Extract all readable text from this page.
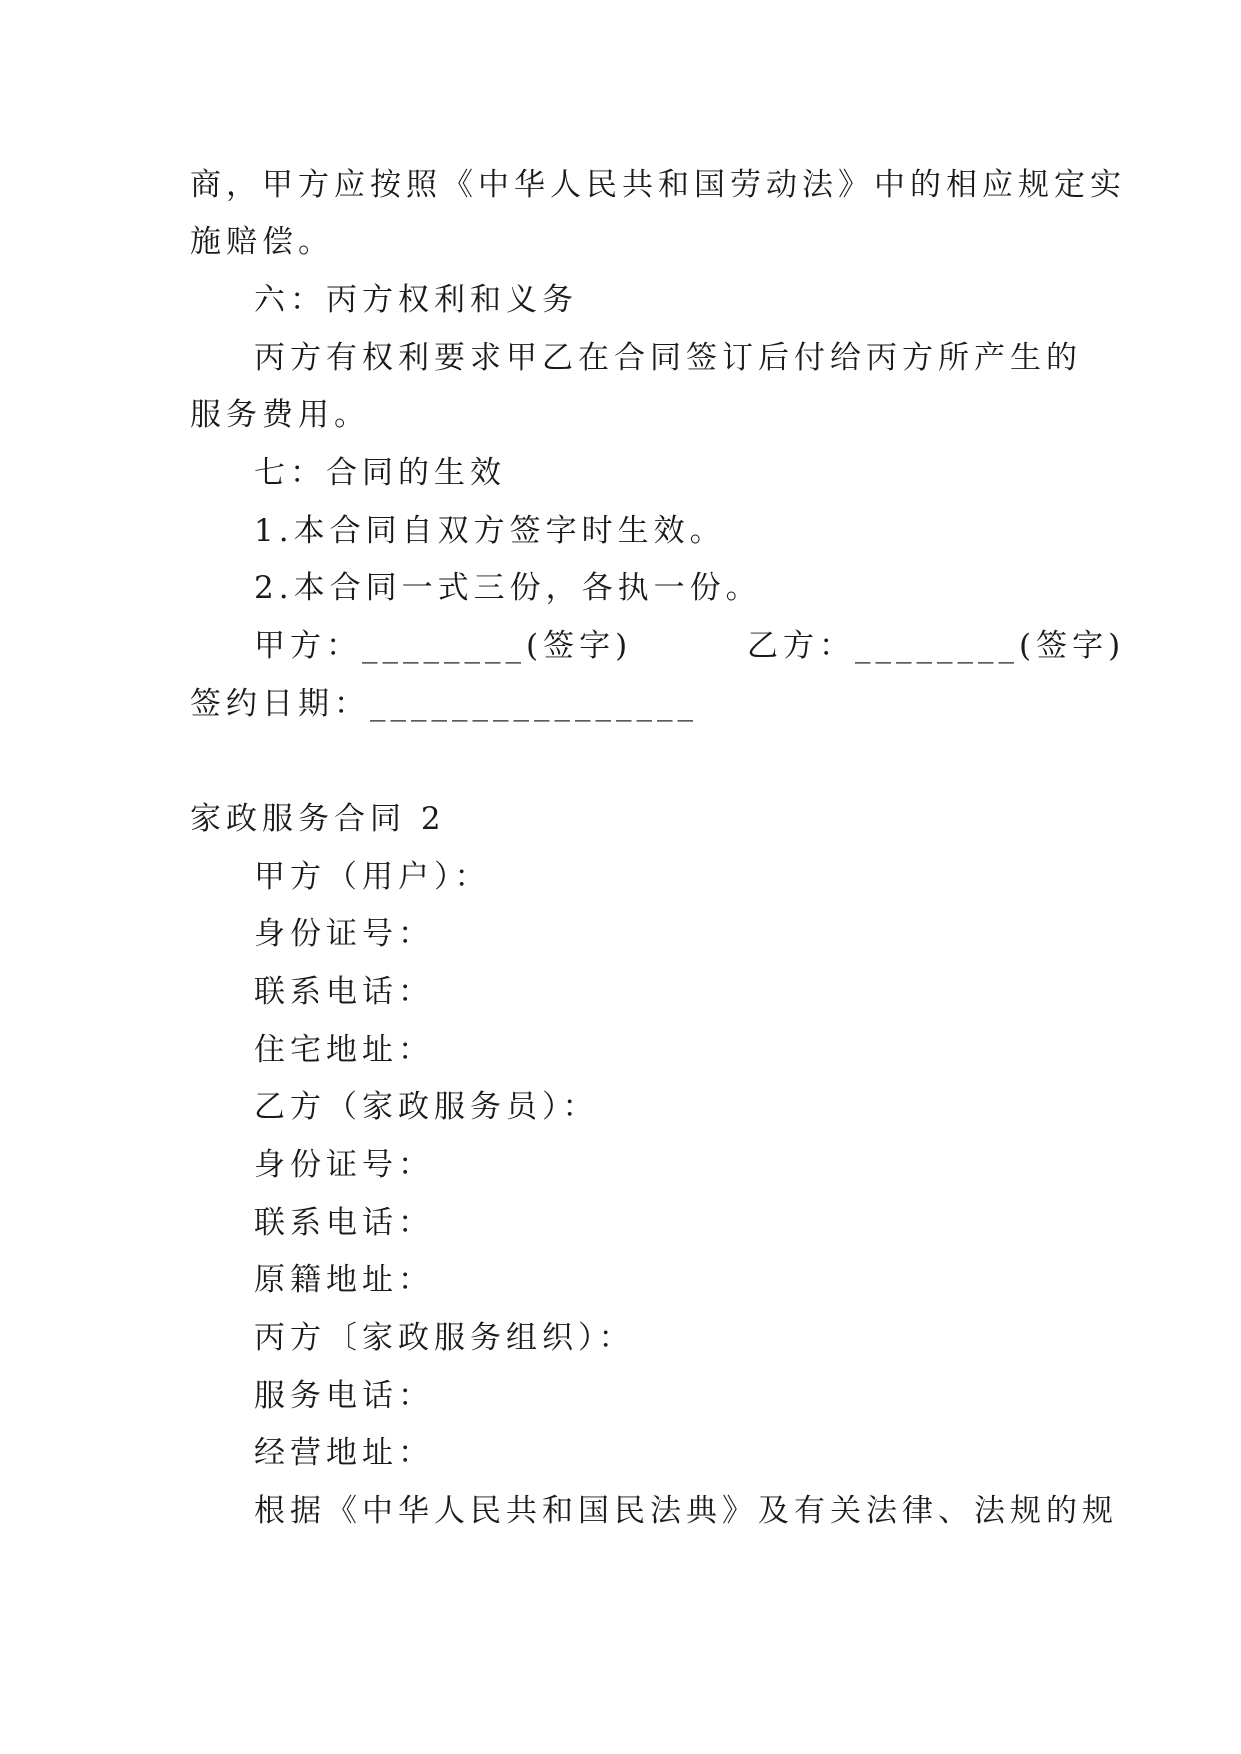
商，甲方应按照《中华人民共和国劳动法》中的相应规定实
施赔偿。
六：丙方权利和义务
丙方有权利要求甲乙在合同签订后付给丙方所产生的
服务费用。
七：合同的生效
1.本合同自双方签字时生效。
2.本合同一式三份，各执一份。
甲方：________(签字)	乙方：________(签字)
签约日期：________________
家政服务合同 2
甲方（用户）：
身份证号：
联系电话：
住宅地址：
乙方（家政服务员）：
身份证号：
联系电话：
原籍地址：
丙方〔家政服务组织）：
服务电话：
经营地址：
根据《中华人民共和国民法典》及有关法律、法规的规
